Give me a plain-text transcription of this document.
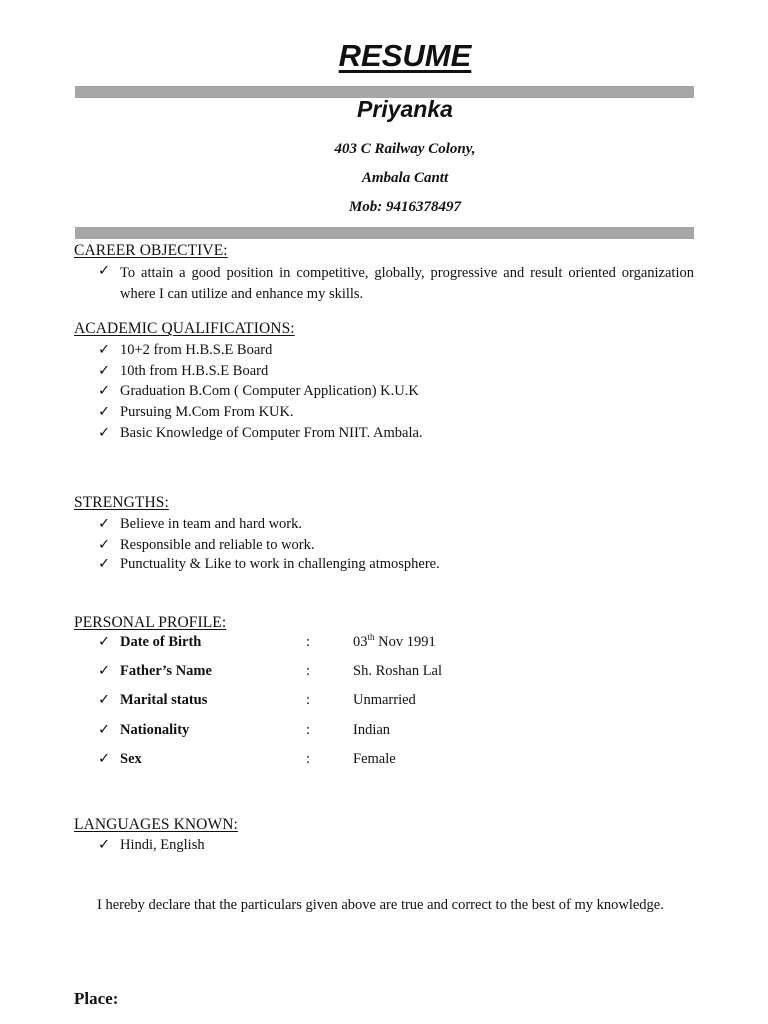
RESUME
Priyanka
403 C Railway Colony,
Ambala Cantt
Mob: 9416378497
CAREER OBJECTIVE:
✓ To attain a good position in competitive, globally, progressive and result oriented organization where I can utilize and enhance my skills.
ACADEMIC QUALIFICATIONS:
✓ 10+2 from H.B.S.E Board
✓ 10th from H.B.S.E Board
✓ Graduation B.Com ( Computer Application) K.U.K
✓ Pursuing M.Com From KUK.
✓ Basic Knowledge of Computer From NIIT. Ambala.
STRENGTHS:
✓ Believe in team and hard work.
✓ Responsible and reliable to work.
✓ Punctuality & Like to work in challenging atmosphere.
PERSONAL PROFILE:
✓ Date of Birth	:	03th Nov 1991
✓ Father’s Name	:	Sh. Roshan Lal
✓ Marital status	:	Unmarried
✓ Nationality	:	Indian
✓ Sex	:	Female
LANGUAGES KNOWN:
✓ Hindi, English
I hereby declare that the particulars given above are true and correct to the best of my knowledge.
Place:
